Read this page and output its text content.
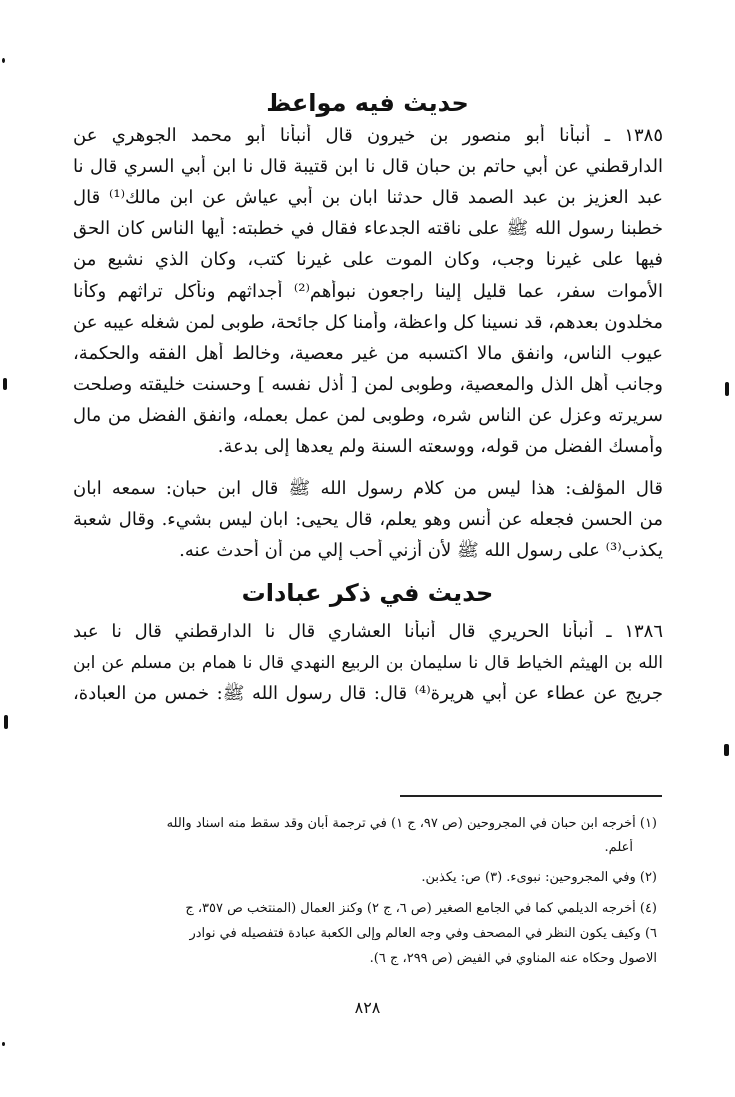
حديث فيه مواعظ
١٣٨٥ ـ أنبأنا أبو منصور بن خيرون قال أنبأنا أبو محمد الجوهري عن
الدارقطني عن أبي حاتم بن حبان قال نا ابن قتيبة قال نا ابن أبي السري قال نا
عبد العزيز بن عبد الصمد قال حدثنا ابان بن أبي عياش عن ابن مالك⁽¹⁾ قال
خطبنا رسول الله ﷺ على ناقته الجدعاء فقال في خطبته: أيها الناس كان الحق
فيها على غيرنا وجب، وكان الموت على غيرنا كتب، وكان الذي نشيع من
الأموات سفر، عما قليل إلينا راجعون نبوأهم⁽²⁾ أجداثهم ونأكل تراثهم وكأنا
مخلدون بعدهم، قد نسينا كل واعظة، وأمنا كل جائحة، طوبى لمن شغله عيبه عن
عيوب الناس، وانفق مالا اكتسبه من غير معصية، وخالط أهل الفقه والحكمة،
وجانب أهل الذل والمعصية، وطوبى لمن [ أذل نفسه ] وحسنت خليقته وصلحت
سريرته وعزل عن الناس شره، وطوبى لمن عمل بعمله، وانفق الفضل من مال
وأمسك الفضل من قوله، ووسعته السنة ولم يعدها إلى بدعة.
قال المؤلف: هذا ليس من كلام رسول الله ﷺ قال ابن حبان: سمعه ابان
من الحسن فجعله عن أنس وهو يعلم، قال يحيى: ابان ليس بشيء. وقال شعبة
يكذب⁽³⁾ على رسول الله ﷺ لأن أزني أحب إلي من أن أحدث عنه.
حديث في ذكر عبادات
١٣٨٦ ـ أنبأنا الحريري قال أنبأنا العشاري قال نا الدارقطني قال نا عبد
الله بن الهيثم الخياط قال نا سليمان بن الربيع النهدي قال نا همام بن مسلم عن ابن
جريج عن عطاء عن أبي هريرة⁽⁴⁾ قال: قال رسول الله ﷺ: خمس من العبادة،
(١) أخرجه ابن حبان في المجروحين (ص ٩٧، ج ١) في ترجمة أبان وقد سقط منه اسناد والله
أعلم.
(٢) وفي المجروحين: نبوىء. (٣) ص: يكذبن.
(٤) أخرجه الديلمي كما في الجامع الصغير (ص ٦، ج ٢) وكنز العمال (المنتخب ص ٣٥٧، ج
٦) وكيف يكون النظر في المصحف وفي وجه العالم وإلى الكعبة عبادة فتفصيله في نوادر
الاصول وحكاه عنه المناوي في الفيض (ص ٢٩٩، ج ٦).
٨٢٨
